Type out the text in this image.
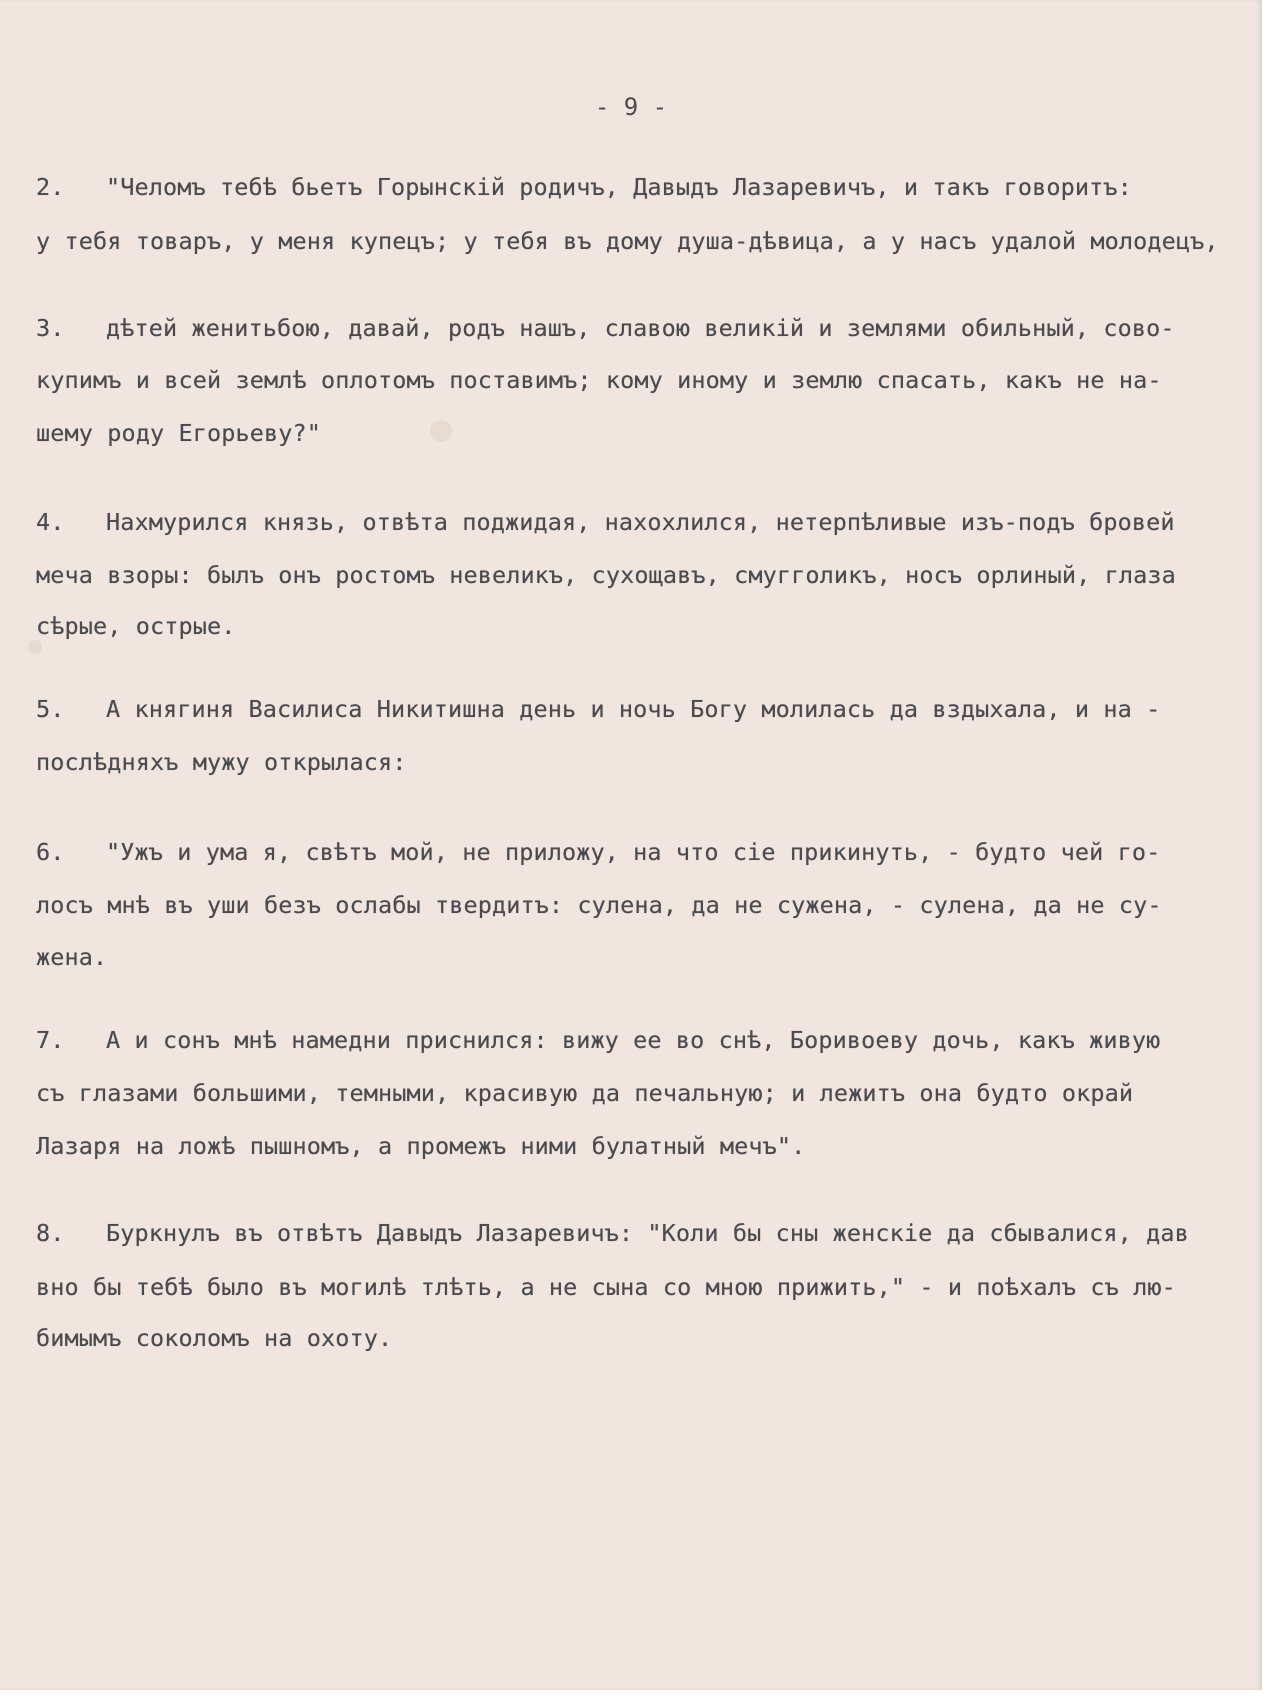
- 9 -
2. "Челомъ тебѣ бьетъ Горынскій родичъ, Давыдъ Лазаревичъ, и такъ говоритъ:
у тебя товаръ, у меня купецъ; у тебя въ дому душа-дѣвица, а у насъ удалой молодецъ,
3. дѣтей женитьбою, давай, родъ нашъ, славою великій и землями обильный, сово-
купимъ и всей землѣ оплотомъ поставимъ; кому иному и землю спасать, какъ не на-
шему роду Егорьеву?"
4. Нахмурился князь, отвѣта поджидая, нахохлился, нетерпѣливые изъ-подъ бровей
меча взоры: былъ онъ ростомъ невеликъ, сухощавъ, смугголикъ, носъ орлиный, глаза
сѣрые, острые.
5. А княгиня Василиса Никитишна день и ночь Богу молилась да вздыхала, и на -
послѣдняхъ мужу открылася:
6. "Ужъ и ума я, свѣтъ мой, не приложу, на что сіе прикинуть, - будто чей го-
лосъ мнѣ въ уши безъ ослабы твердитъ: сулена, да не сужена, - сулена, да не су-
жена.
7. А и сонъ мнѣ намедни приснился: вижу ее во снѣ, Боривоеву дочь, какъ живую
съ глазами большими, темными, красивую да печальную; и лежитъ она будто окрай
Лазаря на ложѣ пышномъ, а промежъ ними булатный мечъ".
8. Буркнулъ въ отвѣтъ Давыдъ Лазаревичъ: "Коли бы сны женскіе да сбывалися, дав
вно бы тебѣ было въ могилѣ тлѣть, а не сына со мною прижить," - и поѣхалъ съ лю-
бимымъ соколомъ на охоту.
